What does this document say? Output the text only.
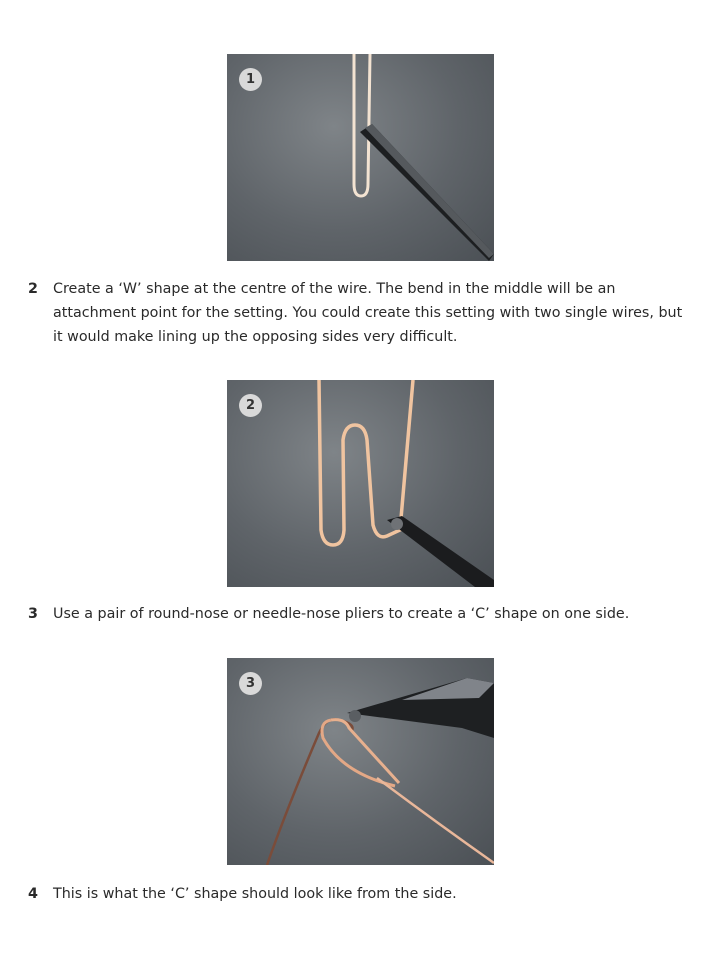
1
2 Create a ‘W’ shape at the centre of the wire. The bend in the middle will be an attachment point for the setting. You could create this setting with two single wires, but it would make lining up the opposing sides very difficult.
2
3 Use a pair of round-nose or needle-nose pliers to create a ‘C’ shape on one side.
3
4 This is what the ‘C’ shape should look like from the side.
